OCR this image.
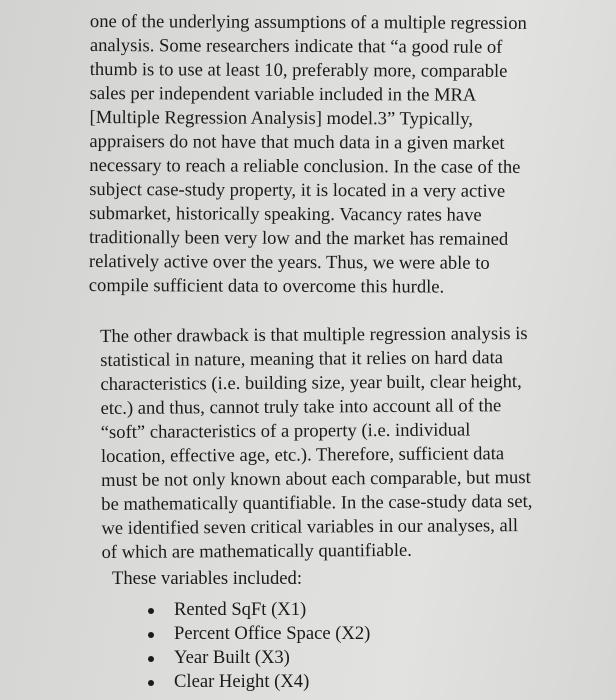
one of the underlying assumptions of a multiple regression
analysis. Some researchers indicate that “a good rule of
thumb is to use at least 10, preferably more, comparable
sales per independent variable included in the MRA
[Multiple Regression Analysis] model.3” Typically,
appraisers do not have that much data in a given market
necessary to reach a reliable conclusion. In the case of the
subject case-study property, it is located in a very active
submarket, historically speaking. Vacancy rates have
traditionally been very low and the market has remained
relatively active over the years. Thus, we were able to
compile sufficient data to overcome this hurdle.
The other drawback is that multiple regression analysis is
statistical in nature, meaning that it relies on hard data
characteristics (i.e. building size, year built, clear height,
etc.) and thus, cannot truly take into account all of the
“soft” characteristics of a property (i.e. individual
location, effective age, etc.). Therefore, sufficient data
must be not only known about each comparable, but must
be mathematically quantifiable. In the case-study data set,
we identified seven critical variables in our analyses, all
of which are mathematically quantifiable.

These variables included:

Rented SqFt (X1)
Percent Office Space (X2)
Year Built (X3)
Clear Height (X4)
